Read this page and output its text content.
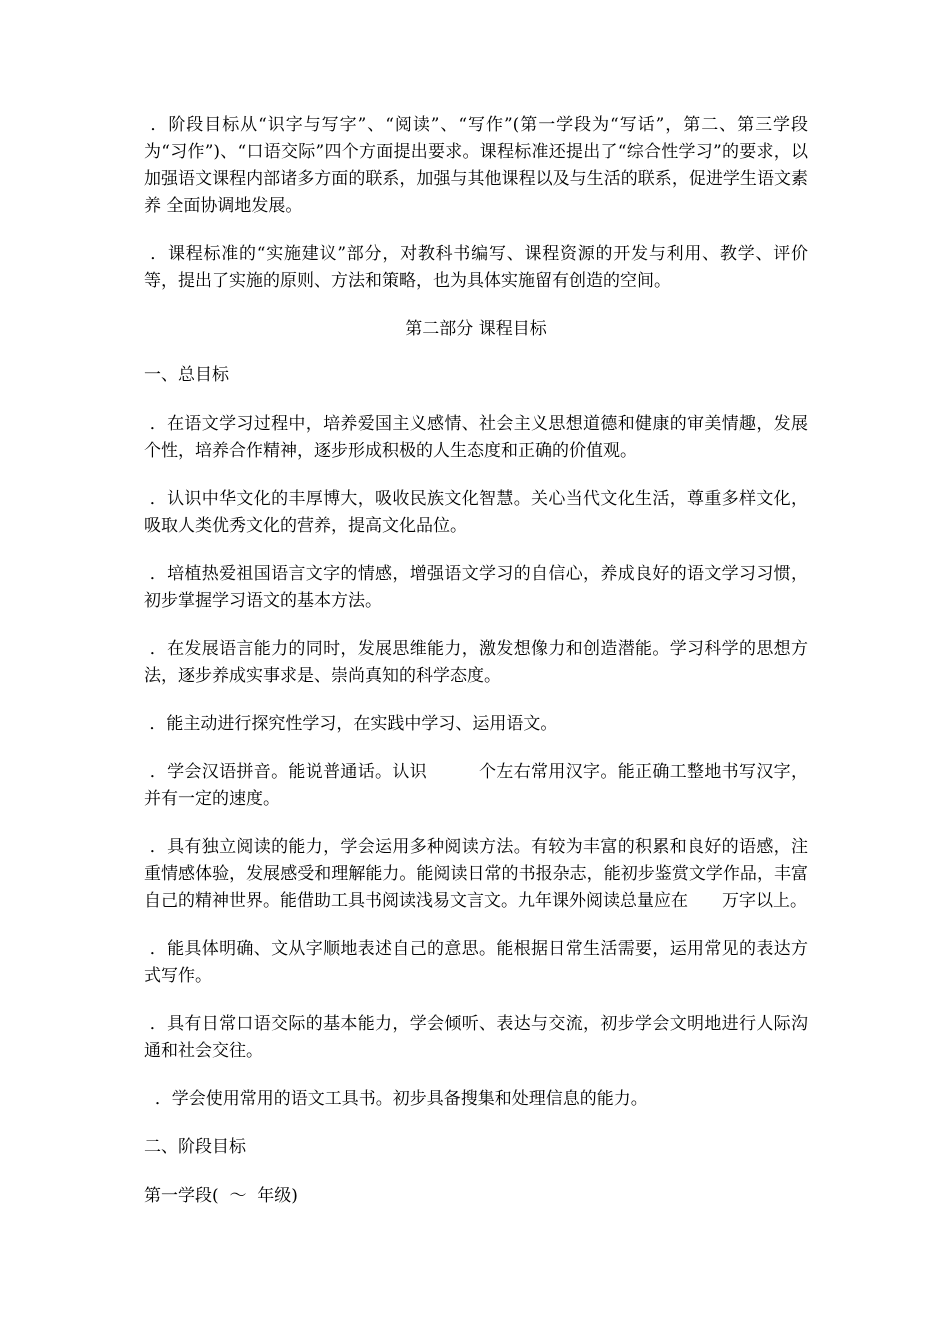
．阶段目标从“识字与写字”、“阅读”、“写作”(第一学段为“写话”，第二、第三学段为“习作”)、“口语交际”四个方面提出要求。课程标准还提出了“综合性学习”的要求，以加强语文课程内部诸多方面的联系，加强与其他课程以及与生活的联系，促进学生语文素养 全面协调地发展。

．课程标准的“实施建议”部分，对教科书编写、课程资源的开发与利用、教学、评价等，提出了实施的原则、方法和策略，也为具体实施留有创造的空间。

第二部分 课程目标

一、总目标

．在语文学习过程中，培养爱国主义感情、社会主义思想道德和健康的审美情趣，发展个性，培养合作精神，逐步形成积极的人生态度和正确的价值观。

．认识中华文化的丰厚博大，吸收民族文化智慧。关心当代文化生活，尊重多样文化，吸取人类优秀文化的营养，提高文化品位。

．培植热爱祖国语言文字的情感，增强语文学习的自信心，养成良好的语文学习习惯，初步掌握学习语文的基本方法。

．在发展语言能力的同时，发展思维能力，激发想像力和创造潜能。学习科学的思想方法，逐步养成实事求是、崇尚真知的科学态度。

．能主动进行探究性学习，在实践中学习、运用语文。

．学会汉语拼音。能说普通话。认识　　　个左右常用汉字。能正确工整地书写汉字，并有一定的速度。

．具有独立阅读的能力，学会运用多种阅读方法。有较为丰富的积累和良好的语感，注重情感体验，发展感受和理解能力。能阅读日常的书报杂志，能初步鉴赏文学作品，丰富自己的精神世界。能借助工具书阅读浅易文言文。九年课外阅读总量应在　　万字以上。

．能具体明确、文从字顺地表述自己的意思。能根据日常生活需要，运用常见的表达方式写作。

．具有日常口语交际的基本能力，学会倾听、表达与交流，初步学会文明地进行人际沟通和社会交往。

．学会使用常用的语文工具书。初步具备搜集和处理信息的能力。

二、阶段目标

第一学段(  ～  年级)
